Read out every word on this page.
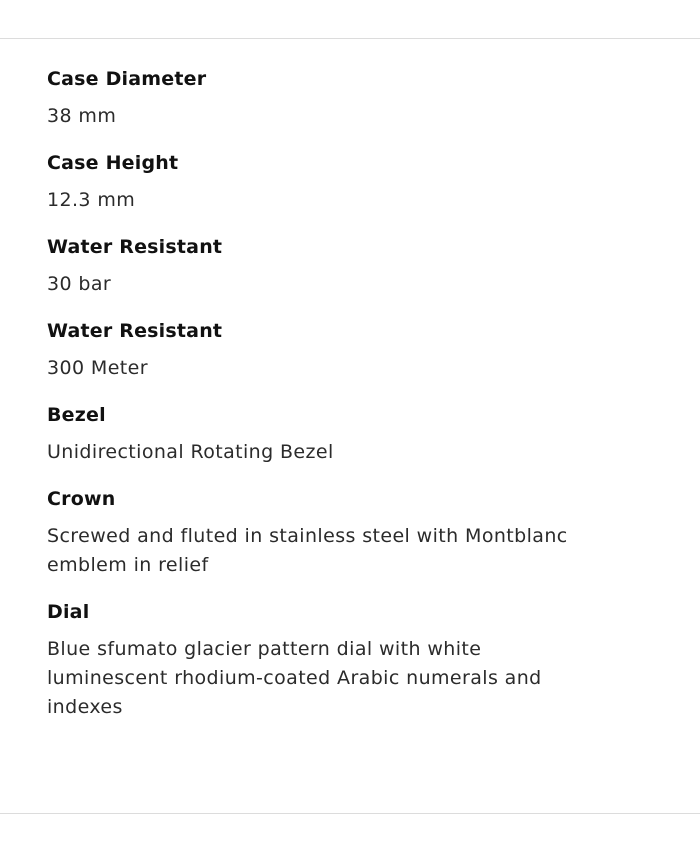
Case Diameter
38 mm
Case Height
12.3 mm
Water Resistant
30 bar
Water Resistant
300 Meter
Bezel
Unidirectional Rotating Bezel
Crown
Screwed and fluted in stainless steel with Montblanc emblem in relief
Dial
Blue sfumato glacier pattern dial with white luminescent rhodium-coated Arabic numerals and indexes
